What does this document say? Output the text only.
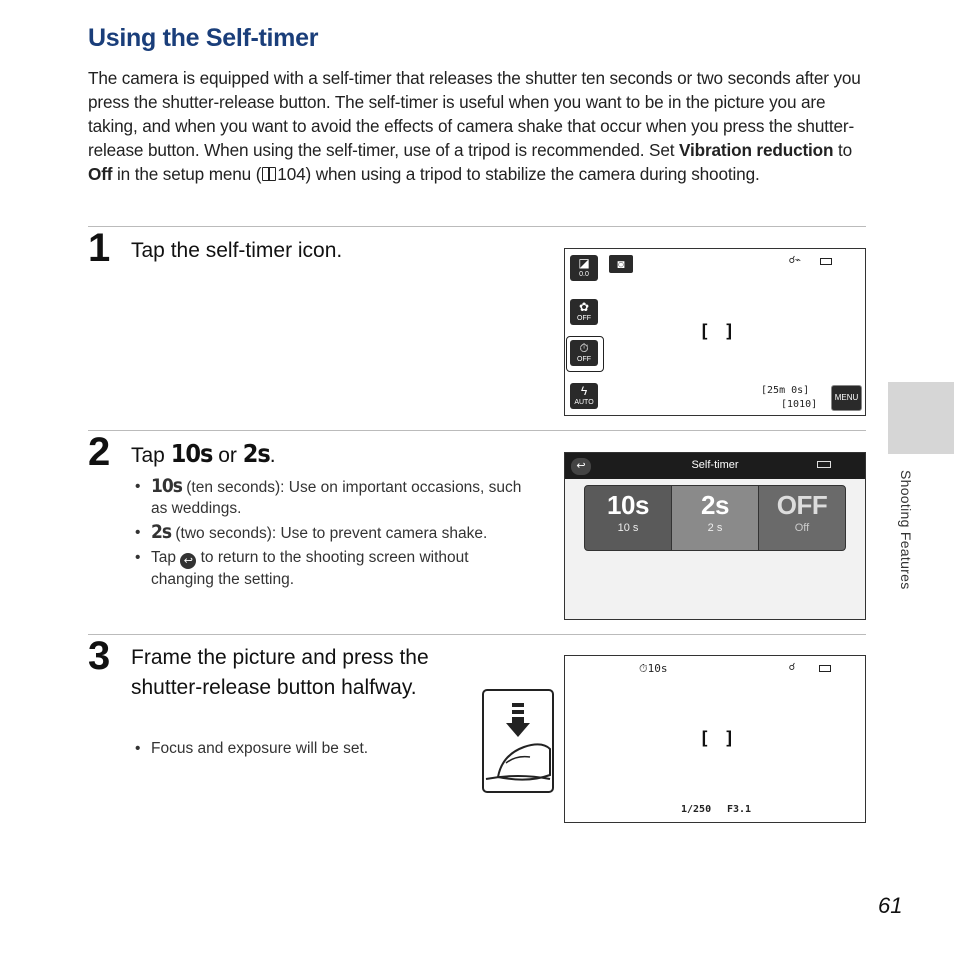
Using the Self-timer
The camera is equipped with a self-timer that releases the shutter ten seconds or two seconds after you press the shutter-release button. The self-timer is useful when you want to be in the picture you are taking, and when you want to avoid the effects of camera shake that occur when you press the shutter-release button. When using the self-timer, use of a tripod is recommended. Set Vibration reduction to Off in the setup menu ( 104) when using a tripod to stabilize the camera during shooting.
1 Tap the self-timer icon.
◪
0.0
◙	☌⌁
✿
OFF
⏱
OFF
ϟ
AUTO
[]
[25m 0s]
[1010]
MENU
2 Tap 10s or 2s.
• 10s (ten seconds): Use on important occasions, such as weddings.
• 2s (two seconds): Use to prevent camera shake.
• Tap ↩ to return to the shooting screen without changing the setting.
↩	Self-timer
10s
10 s
2s
2 s
OFF
Off
3 Frame the picture and press the shutter-release button halfway.
• Focus and exposure will be set.
⏱10s	☌
[]
1/250 F3.1
Shooting Features
61
